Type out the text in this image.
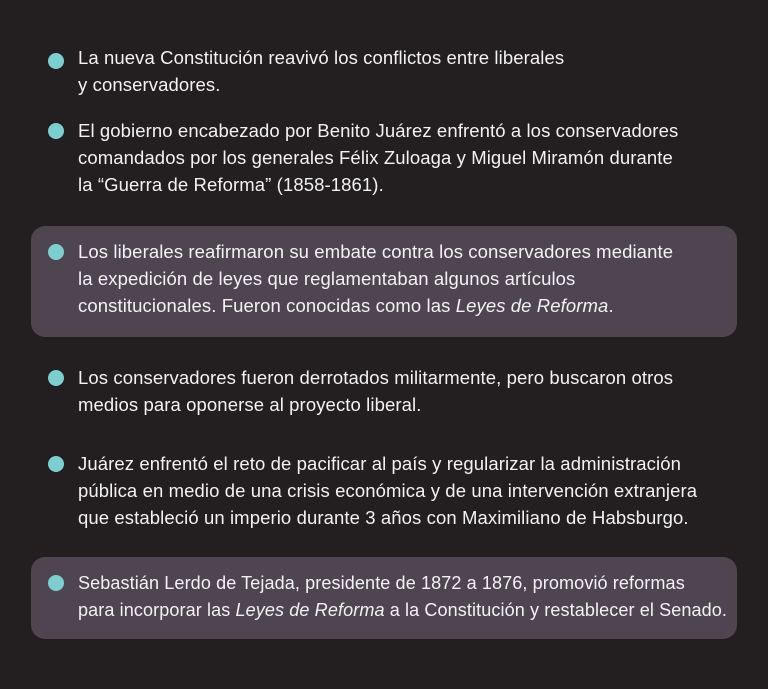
La nueva Constitución reavivó los conflictos entre liberales
y conservadores.
El gobierno encabezado por Benito Juárez enfrentó a los conservadores
comandados por los generales Félix Zuloaga y Miguel Miramón durante
la “Guerra de Reforma” (1858-1861).
Los liberales reafirmaron su embate contra los conservadores mediante
la expedición de leyes que reglamentaban algunos artículos
constitucionales. Fueron conocidas como las Leyes de Reforma.
Los conservadores fueron derrotados militarmente, pero buscaron otros
medios para oponerse al proyecto liberal.
Juárez enfrentó el reto de pacificar al país y regularizar la administración
pública en medio de una crisis económica y de una intervención extranjera
que estableció un imperio durante 3 años con Maximiliano de Habsburgo.
Sebastián Lerdo de Tejada, presidente de 1872 a 1876, promovió reformas
para incorporar las Leyes de Reforma a la Constitución y restablecer el Senado.
